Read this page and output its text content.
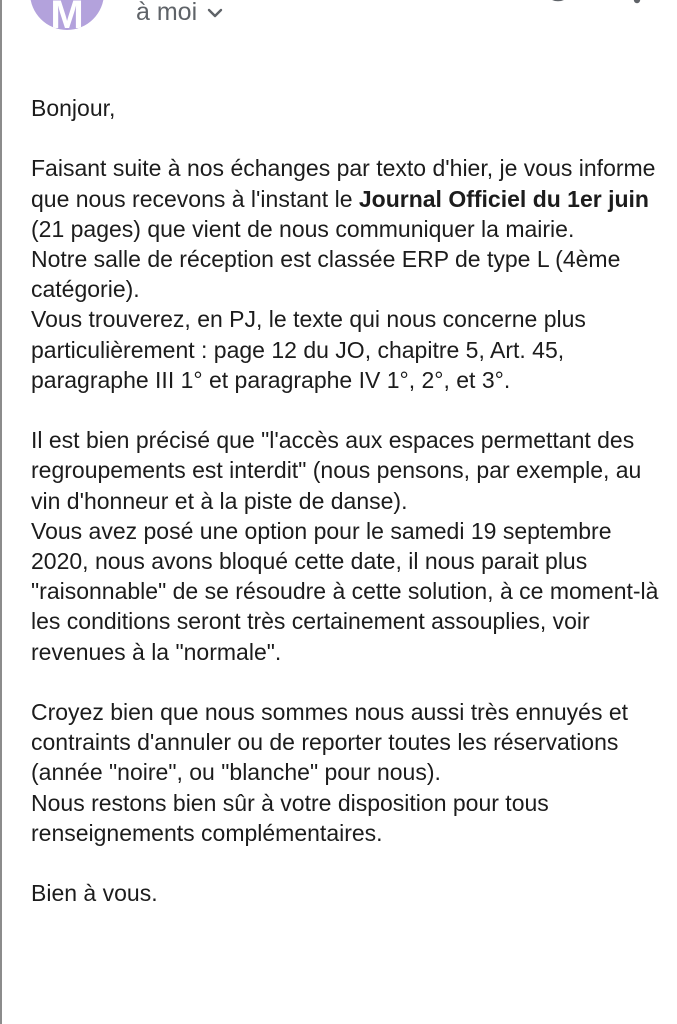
M	à moi

Bonjour,

Faisant suite à nos échanges par texto d'hier, je vous informe que nous recevons à l'instant le Journal Officiel du 1er juin (21 pages) que vient de nous communiquer la mairie.

Notre salle de réception est classée ERP de type L (4ème catégorie).

Vous trouverez, en PJ, le texte qui nous concerne plus particulièrement : page 12 du JO, chapitre 5, Art. 45, paragraphe III 1° et paragraphe IV 1°, 2°, et 3°.

Il est bien précisé que "l'accès aux espaces permettant des regroupements est interdit" (nous pensons, par exemple, au vin d'honneur et à la piste de danse).

Vous avez posé une option pour le samedi 19 septembre 2020, nous avons bloqué cette date, il nous parait plus "raisonnable" de se résoudre à cette solution, à ce moment-là les conditions seront très certainement assouplies, voir revenues à la "normale".

Croyez bien que nous sommes nous aussi très ennuyés et contraints d'annuler ou de reporter toutes les réservations (année "noire", ou "blanche" pour nous).

Nous restons bien sûr à votre disposition pour tous renseignements complémentaires.

Bien à vous.
